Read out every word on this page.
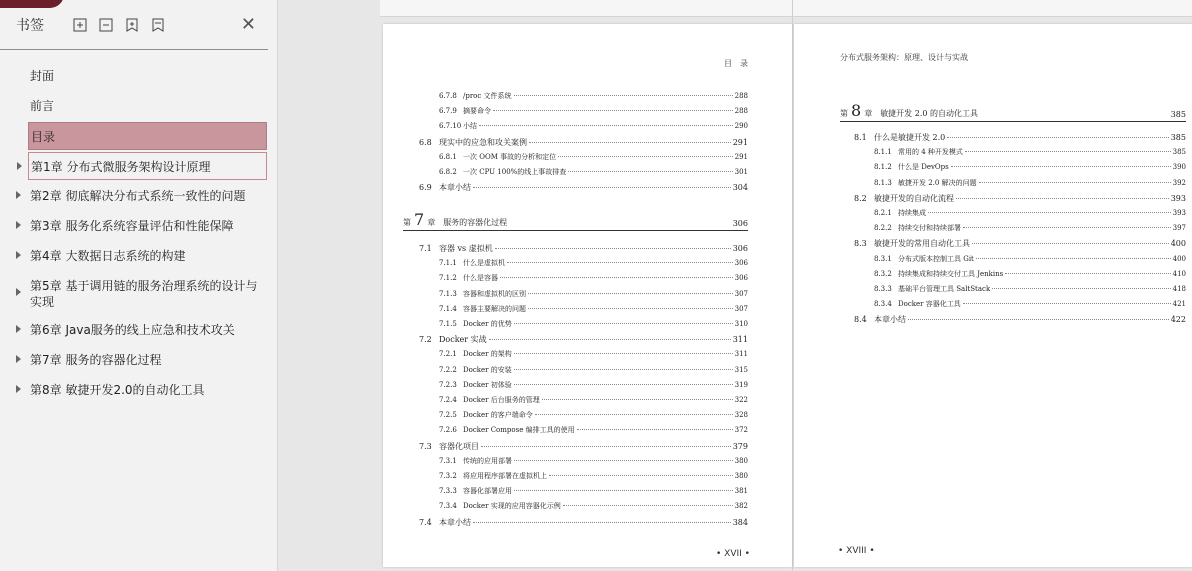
书签	✕
封面
前言
目录
第1章 分布式微服务架构设计原理
第2章 彻底解决分布式系统一致性的问题
第3章 服务化系统容量评估和性能保障
第4章 大数据日志系统的构建
第5章 基于调用链的服务治理系统的设计与实现
第6章 Java服务的线上应急和技术攻关
第7章 服务的容器化过程
第8章 敏捷开发2.0的自动化工具
目　录
第 7 章 服务的容器化过程	306
• XVII •
6.7.8 /proc 文件系统	288
6.7.9 摘要命令	288
6.7.10 小结	290
6.8 现实中的应急和攻关案例	291
6.8.1 一次 OOM 事故的分析和定位	291
6.8.2 一次 CPU 100%的线上事故排查	301
6.9 本章小结	304
7.1 容器 vs 虚拟机	306
7.1.1 什么是虚拟机	306
7.1.2 什么是容器	306
7.1.3 容器和虚拟机的区别	307
7.1.4 容器主要解决的问题	307
7.1.5 Docker 的优势	310
7.2 Docker 实战	311
7.2.1 Docker 的架构	311
7.2.2 Docker 的安装	315
7.2.3 Docker 初体验	319
7.2.4 Docker 后台服务的管理	322
7.2.5 Docker 的客户端命令	328
7.2.6 Docker Compose 编排工具的使用	372
7.3 容器化项目	379
7.3.1 传统的应用部署	380
7.3.2 将应用程序部署在虚拟机上	380
7.3.3 容器化部署应用	381
7.3.4 Docker 实现的应用容器化示例	382
7.4 本章小结	384
分布式服务架构：原理、设计与实战
第 8 章 敏捷开发 2.0 的自动化工具	385
• XVIII •
8.1 什么是敏捷开发 2.0	385
8.1.1 常用的 4 种开发模式	385
8.1.2 什么是 DevOps	390
8.1.3 敏捷开发 2.0 解决的问题	392
8.2 敏捷开发的自动化流程	393
8.2.1 持续集成	393
8.2.2 持续交付和持续部署	397
8.3 敏捷开发的常用自动化工具	400
8.3.1 分布式版本控制工具 Git	400
8.3.2 持续集成和持续交付工具 Jenkins	410
8.3.3 基础平台管理工具 SaltStack	418
8.3.4 Docker 容器化工具	421
8.4 本章小结	422
